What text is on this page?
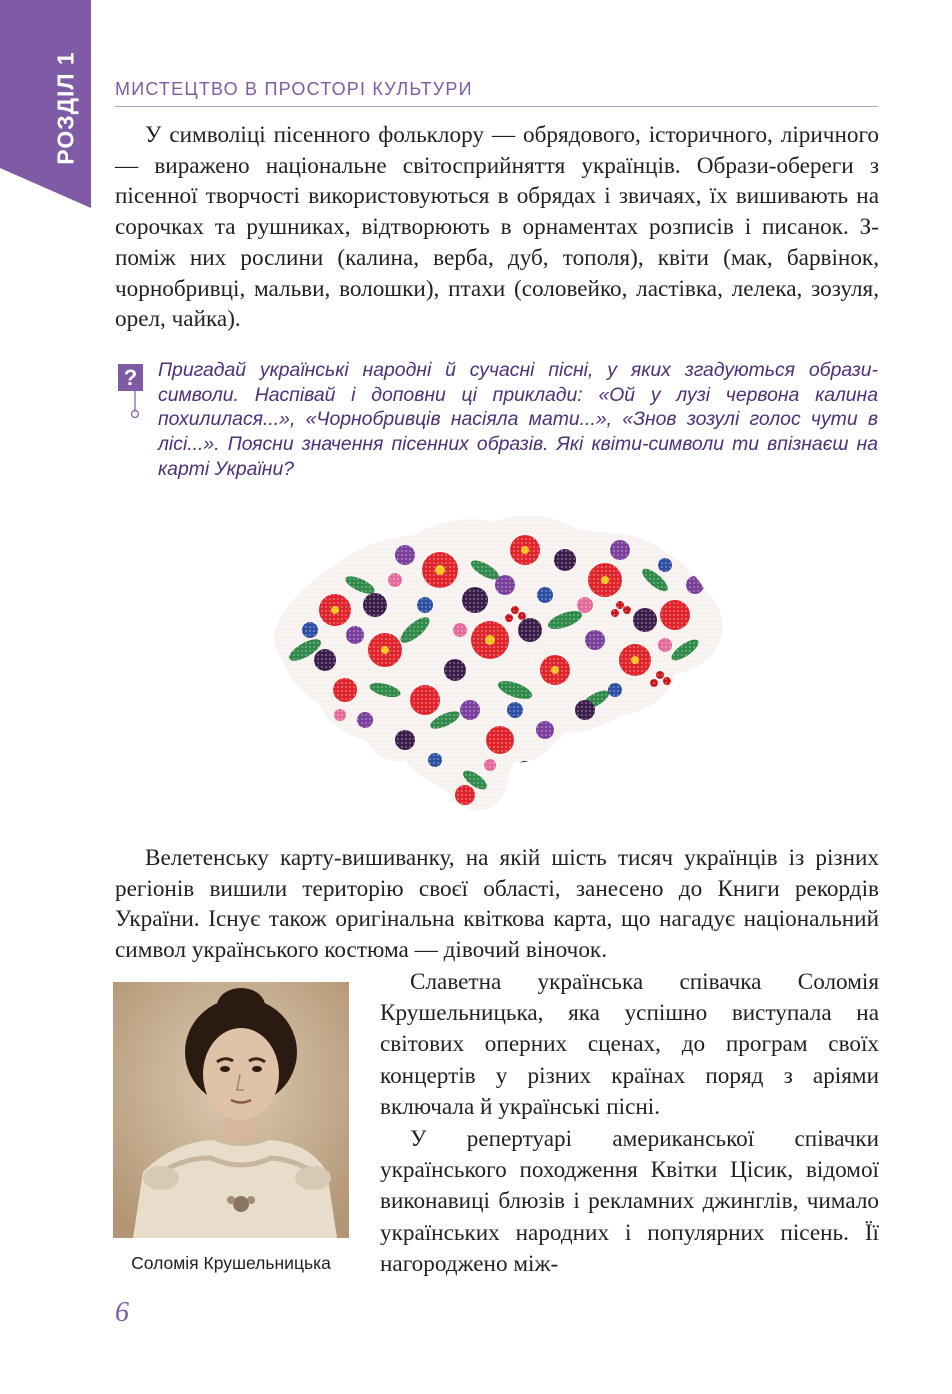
РОЗДІЛ 1 МИСТЕЦТВО В ПРОСТОРІ КУЛЬТУРИ

У символіці пісенного фольклору — обрядового, історичного, ліричного — виражено національне світосприйняття українців. Образи-обереги з пісенної творчості використовуються в обрядах і звичаях, їх вишивають на сорочках та рушниках, відтворюють в орнаментах розписів і писанок. З-поміж них рослини (калина, верба, дуб, тополя), квіти (мак, барвінок, чорнобривці, мальви, волошки), птахи (соловейко, ластівка, лелека, зозуля, орел, чайка).

? Пригадай українські народні й сучасні пісні, у яких згадуються образи-символи. Наспівай і доповни ці приклади: «Ой у лузі червона калина похилилася...», «Чорнобривців насіяла мати...», «Знов зозулі голос чути в лісі...». Поясни значення пісенних образів. Які квіти-символи ти впізнаєш на карті України?

Велетенську карту-вишиванку, на якій шість тисяч українців із різних регіонів вишили територію своєї області, занесено до Книги рекордів України. Існує також оригінальна квіткова карта, що нагадує національний символ українського костюма — дівочий віночок.

Соломія Крушельницька

Славетна українська співачка Соломія Крушельницька, яка успішно виступала на світових оперних сценах, до програм своїх концертів у різних країнах поряд з аріями включала й українські пісні.

У репертуарі американської співачки українського походження Квітки Цісик, відомої виконавиці блюзів і рекламних джинглів, чимало українських народних і популярних пісень. Її нагороджено між-

6
